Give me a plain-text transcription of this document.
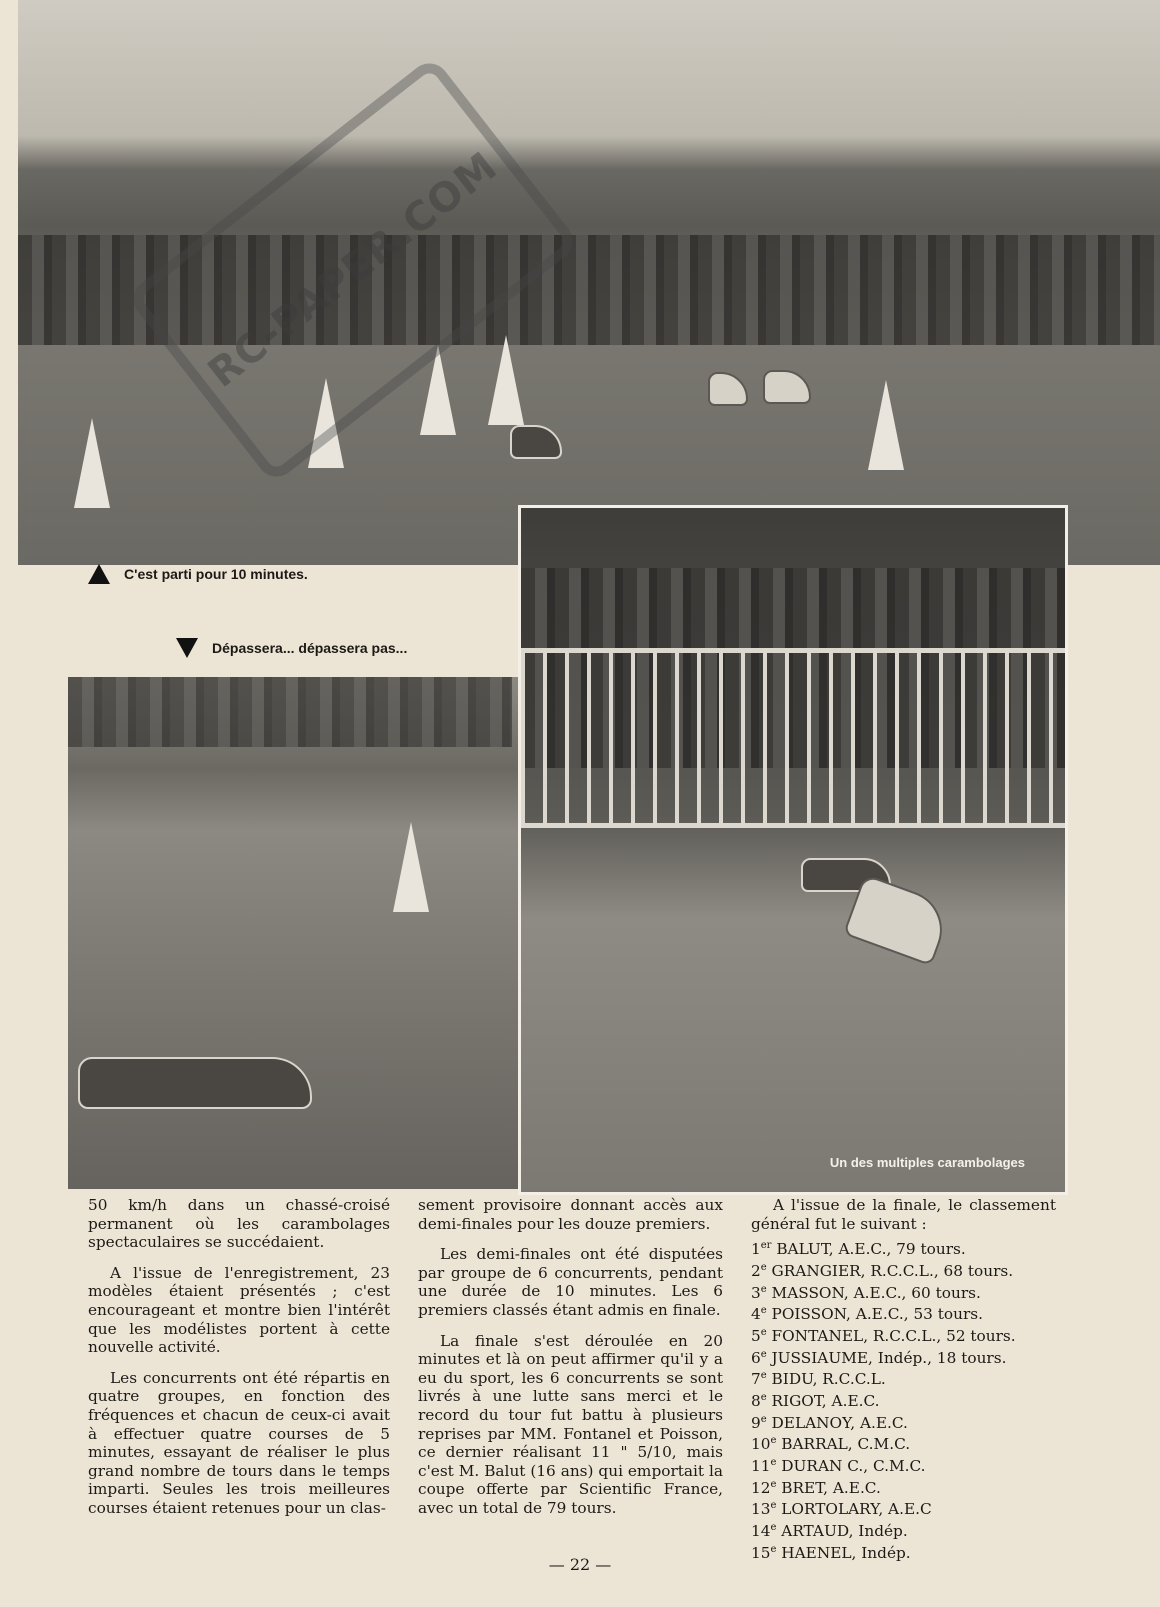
RC-PAPER.COM
C'est parti pour 10 minutes.
Dépassera... dépassera pas...
Un des multiples carambolages

50 km/h dans un chassé-croisé permanent où les carambolages spectaculaires se succédaient.

A l'issue de l'enregistrement, 23 modèles étaient présentés ; c'est encourageant et montre bien l'intérêt que les modélistes portent à cette nouvelle activité.

Les concurrents ont été répartis en quatre groupes, en fonction des fréquences et chacun de ceux-ci avait à effectuer quatre courses de 5 minutes, essayant de réaliser le plus grand nombre de tours dans le temps imparti. Seules les trois meilleures courses étaient retenues pour un clas-

sement provisoire donnant accès aux demi-finales pour les douze premiers.

Les demi-finales ont été disputées par groupe de 6 concurrents, pendant une durée de 10 minutes. Les 6 premiers classés étant admis en finale.

La finale s'est déroulée en 20 minutes et là on peut affirmer qu'il y a eu du sport, les 6 concurrents se sont livrés à une lutte sans merci et le record du tour fut battu à plusieurs reprises par MM. Fontanel et Poisson, ce dernier réalisant 11 " 5/10, mais c'est M. Balut (16 ans) qui emportait la coupe offerte par Scientific France, avec un total de 79 tours.

A l'issue de la finale, le classement général fut le suivant :

1er BALUT, A.E.C., 79 tours.
2e GRANGIER, R.C.C.L., 68 tours.
3e MASSON, A.E.C., 60 tours.
4e POISSON, A.E.C., 53 tours.
5e FONTANEL, R.C.C.L., 52 tours.
6e JUSSIAUME, Indép., 18 tours.
7e BIDU, R.C.C.L.
8e RIGOT, A.E.C.
9e DELANOY, A.E.C.
10e BARRAL, C.M.C.
11e DURAN C., C.M.C.
12e BRET, A.E.C.
13e LORTOLARY, A.E.C
14e ARTAUD, Indép.
15e HAENEL, Indép.
— 22 —
